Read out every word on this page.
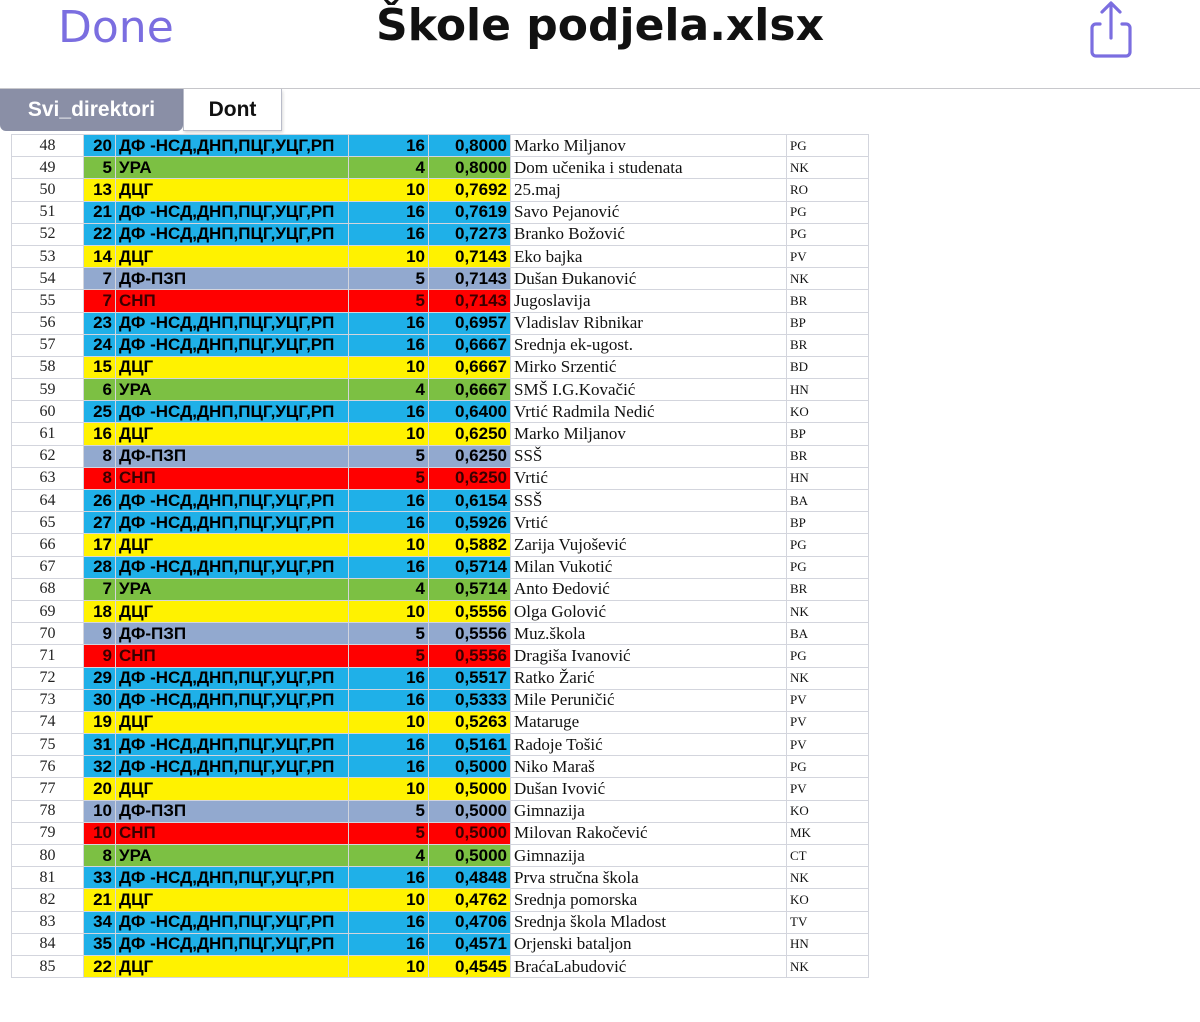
Done	Škole podjela.xlsx
Svi_direktori	Dont
48	20	ДФ -НСД,ДНП,ПЦГ,УЦГ,РП	16	0,8000	Marko Miljanov	PG
49	5	УРА	4	0,8000	Dom učenika i studenata	NK
50	13	ДЦГ	10	0,7692	25.maj	RO
51	21	ДФ -НСД,ДНП,ПЦГ,УЦГ,РП	16	0,7619	Savo Pejanović	PG
52	22	ДФ -НСД,ДНП,ПЦГ,УЦГ,РП	16	0,7273	Branko Božović	PG
53	14	ДЦГ	10	0,7143	Eko bajka	PV
54	7	ДФ-ПЗП	5	0,7143	Dušan Đukanović	NK
55	7	СНП	5	0,7143	Jugoslavija	BR
56	23	ДФ -НСД,ДНП,ПЦГ,УЦГ,РП	16	0,6957	Vladislav Ribnikar	BP
57	24	ДФ -НСД,ДНП,ПЦГ,УЦГ,РП	16	0,6667	Srednja ek-ugost.	BR
58	15	ДЦГ	10	0,6667	Mirko Srzentić	BD
59	6	УРА	4	0,6667	SMŠ I.G.Kovačić	HN
60	25	ДФ -НСД,ДНП,ПЦГ,УЦГ,РП	16	0,6400	Vrtić Radmila Nedić	KO
61	16	ДЦГ	10	0,6250	Marko Miljanov	BP
62	8	ДФ-ПЗП	5	0,6250	SSŠ	BR
63	8	СНП	5	0,6250	Vrtić	HN
64	26	ДФ -НСД,ДНП,ПЦГ,УЦГ,РП	16	0,6154	SSŠ	BA
65	27	ДФ -НСД,ДНП,ПЦГ,УЦГ,РП	16	0,5926	Vrtić	BP
66	17	ДЦГ	10	0,5882	Zarija Vujošević	PG
67	28	ДФ -НСД,ДНП,ПЦГ,УЦГ,РП	16	0,5714	Milan Vukotić	PG
68	7	УРА	4	0,5714	Anto Đedović	BR
69	18	ДЦГ	10	0,5556	Olga Golović	NK
70	9	ДФ-ПЗП	5	0,5556	Muz.škola	BA
71	9	СНП	5	0,5556	Dragiša Ivanović	PG
72	29	ДФ -НСД,ДНП,ПЦГ,УЦГ,РП	16	0,5517	Ratko Žarić	NK
73	30	ДФ -НСД,ДНП,ПЦГ,УЦГ,РП	16	0,5333	Mile Peruničić	PV
74	19	ДЦГ	10	0,5263	Mataruge	PV
75	31	ДФ -НСД,ДНП,ПЦГ,УЦГ,РП	16	0,5161	Radoje Tošić	PV
76	32	ДФ -НСД,ДНП,ПЦГ,УЦГ,РП	16	0,5000	Niko Maraš	PG
77	20	ДЦГ	10	0,5000	Dušan Ivović	PV
78	10	ДФ-ПЗП	5	0,5000	Gimnazija	KO
79	10	СНП	5	0,5000	Milovan Rakočević	MK
80	8	УРА	4	0,5000	Gimnazija	CT
81	33	ДФ -НСД,ДНП,ПЦГ,УЦГ,РП	16	0,4848	Prva stručna škola	NK
82	21	ДЦГ	10	0,4762	Srednja pomorska	KO
83	34	ДФ -НСД,ДНП,ПЦГ,УЦГ,РП	16	0,4706	Srednja škola Mladost	TV
84	35	ДФ -НСД,ДНП,ПЦГ,УЦГ,РП	16	0,4571	Orjenski bataljon	HN
85	22	ДЦГ	10	0,4545	BraćaLabudović	NK
